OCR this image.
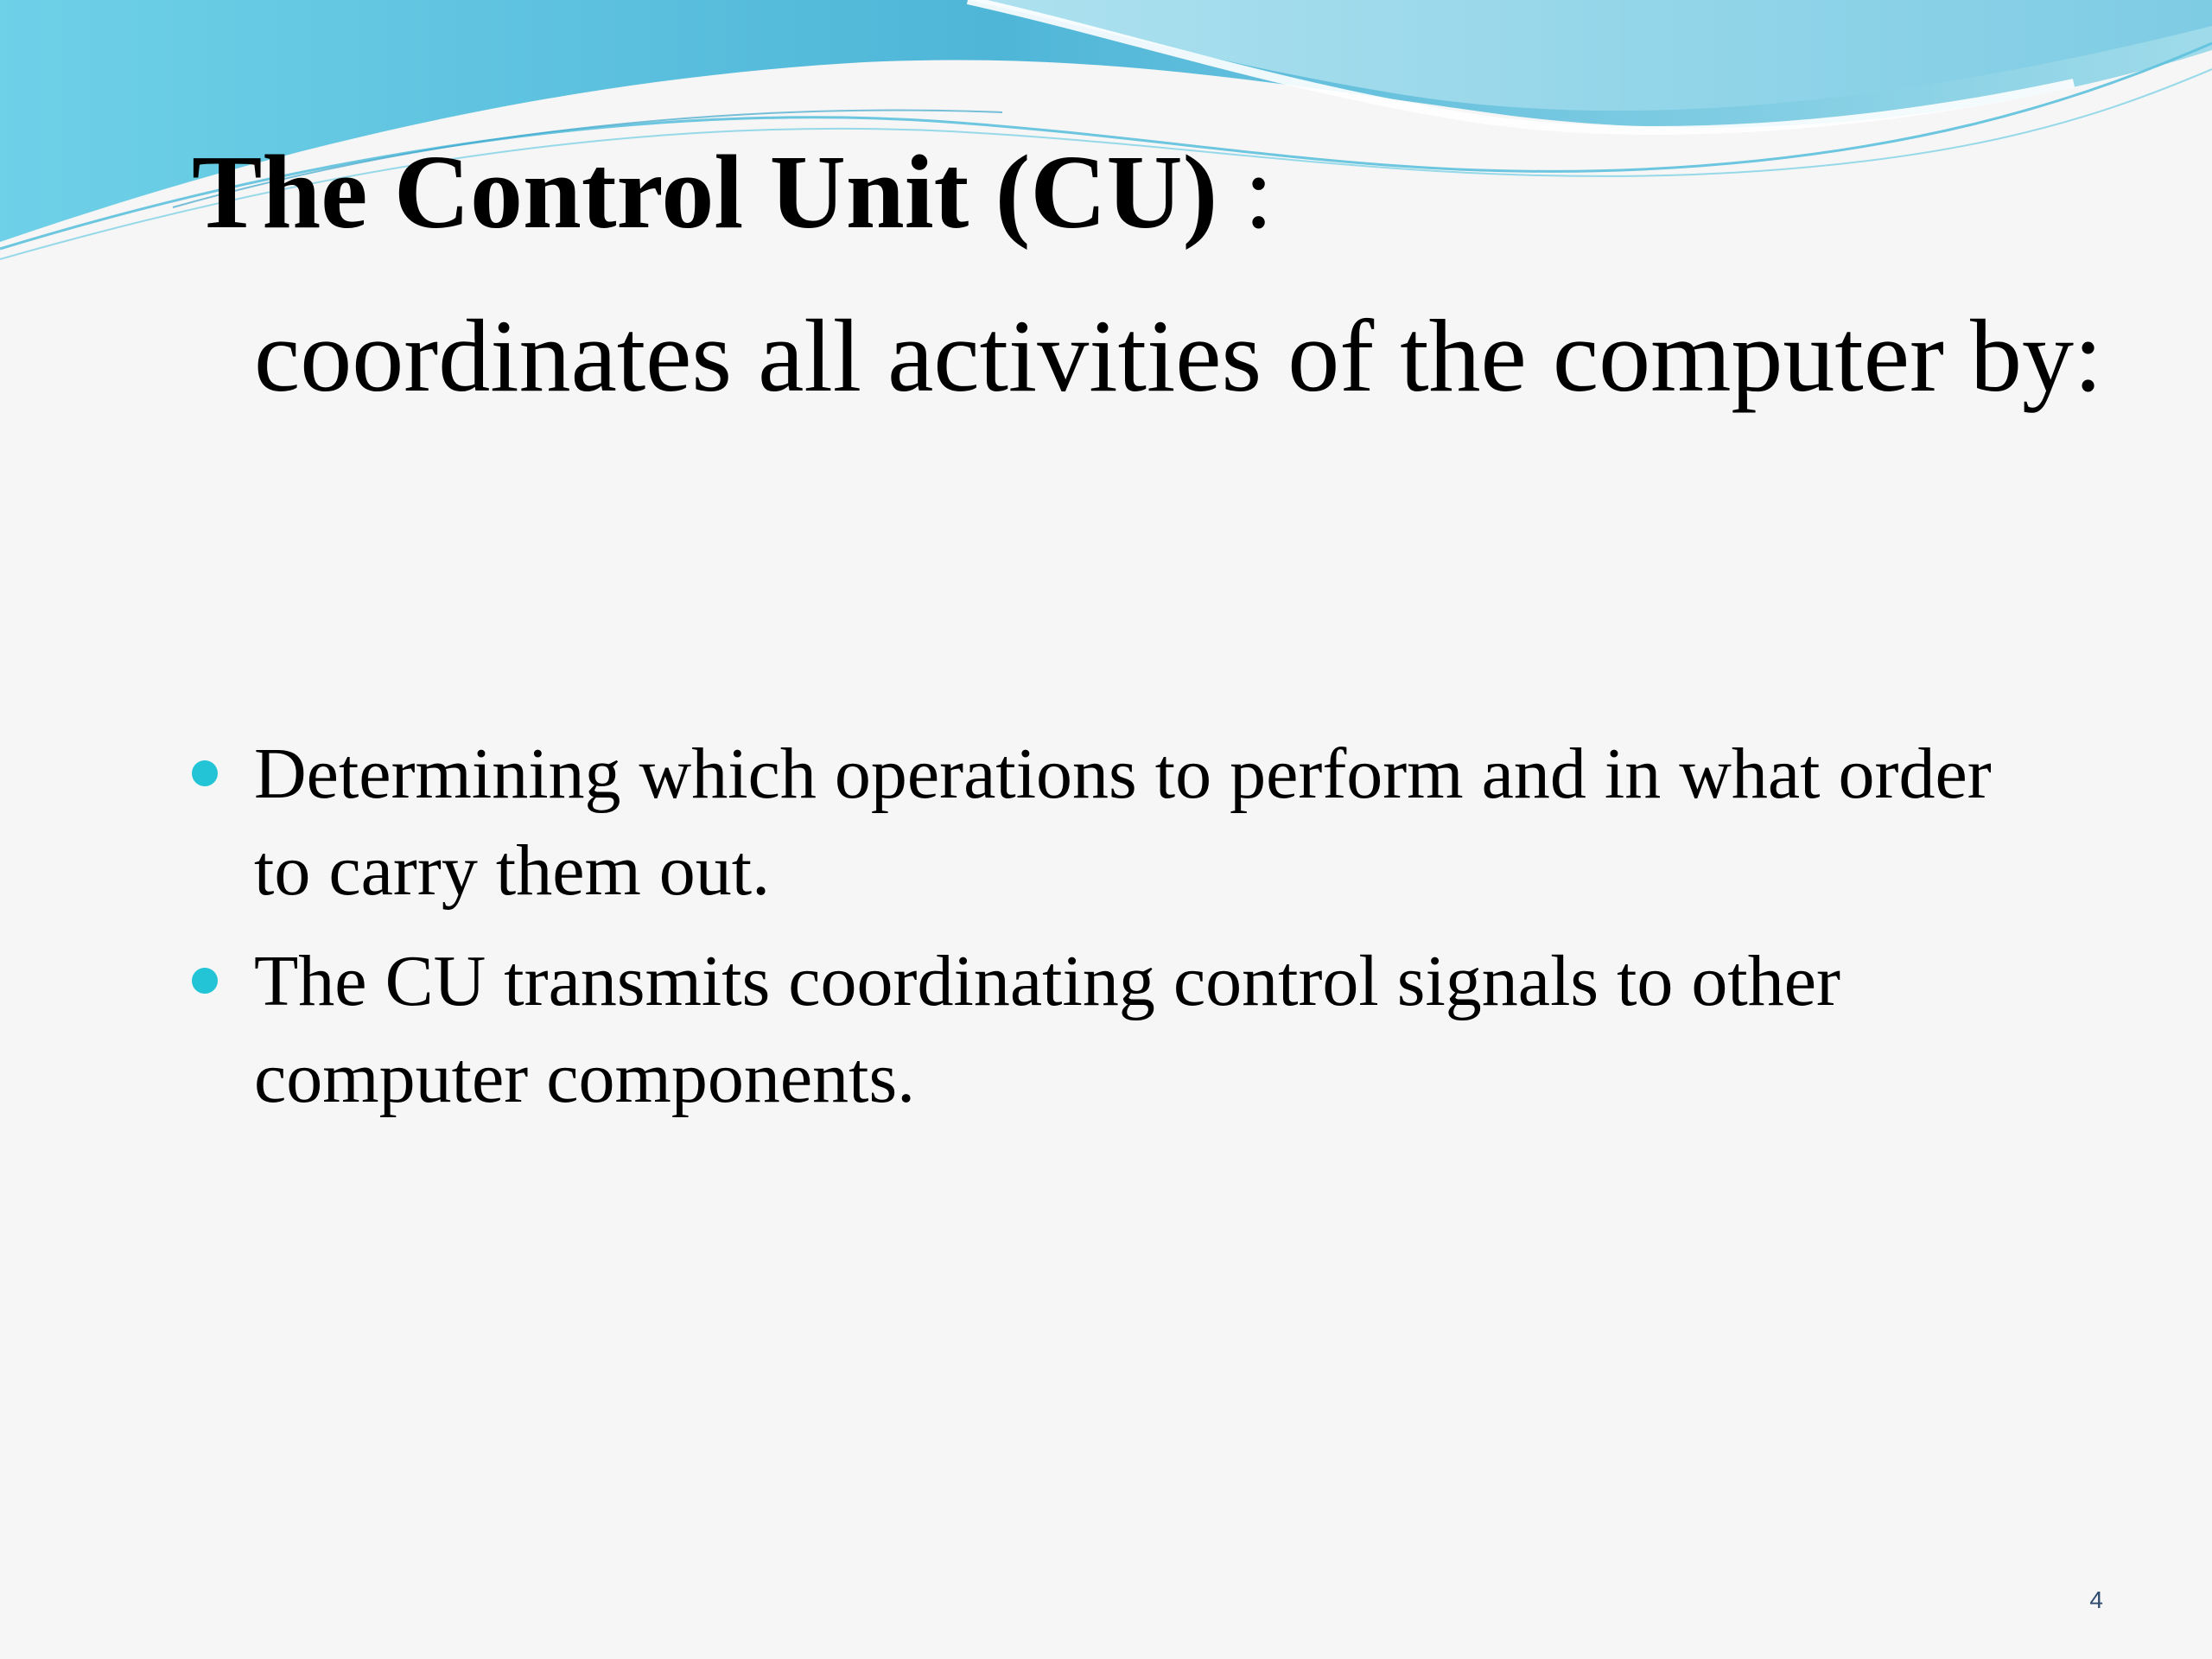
The Control Unit (CU) :

coordinates all activities of the computer by:

Determining which operations to perform and in what order to carry them out.
The CU transmits coordinating control signals to other computer components.
4
